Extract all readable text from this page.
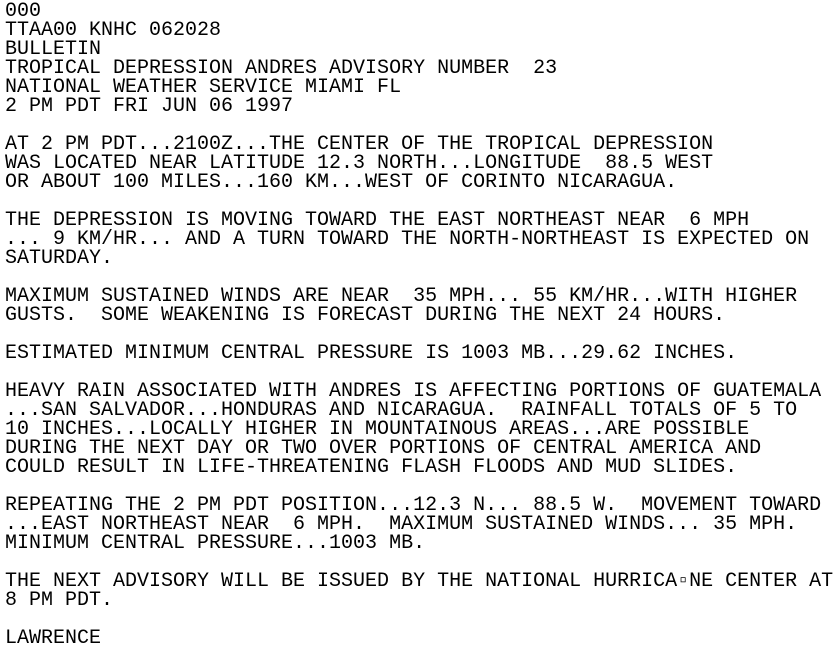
000
TTAA00 KNHC 062028
BULLETIN
TROPICAL DEPRESSION ANDRES ADVISORY NUMBER  23
NATIONAL WEATHER SERVICE MIAMI FL
2 PM PDT FRI JUN 06 1997
AT 2 PM PDT...2100Z...THE CENTER OF THE TROPICAL DEPRESSION
WAS LOCATED NEAR LATITUDE 12.3 NORTH...LONGITUDE  88.5 WEST
OR ABOUT 100 MILES...160 KM...WEST OF CORINTO NICARAGUA.
THE DEPRESSION IS MOVING TOWARD THE EAST NORTHEAST NEAR  6 MPH
... 9 KM/HR... AND A TURN TOWARD THE NORTH-NORTHEAST IS EXPECTED ON
SATURDAY.
MAXIMUM SUSTAINED WINDS ARE NEAR  35 MPH... 55 KM/HR...WITH HIGHER
GUSTS.  SOME WEAKENING IS FORECAST DURING THE NEXT 24 HOURS.
ESTIMATED MINIMUM CENTRAL PRESSURE IS 1003 MB...29.62 INCHES.
HEAVY RAIN ASSOCIATED WITH ANDRES IS AFFECTING PORTIONS OF GUATEMALA
...SAN SALVADOR...HONDURAS AND NICARAGUA.  RAINFALL TOTALS OF 5 TO
10 INCHES...LOCALLY HIGHER IN MOUNTAINOUS AREAS...ARE POSSIBLE
DURING THE NEXT DAY OR TWO OVER PORTIONS OF CENTRAL AMERICA AND
COULD RESULT IN LIFE-THREATENING FLASH FLOODS AND MUD SLIDES.
REPEATING THE 2 PM PDT POSITION...12.3 N... 88.5 W.  MOVEMENT TOWARD
...EAST NORTHEAST NEAR  6 MPH.  MAXIMUM SUSTAINED WINDS... 35 MPH.
MINIMUM CENTRAL PRESSURE...1003 MB.
THE NEXT ADVISORY WILL BE ISSUED BY THE NATIONAL HURRICA▫NE CENTER AT
8 PM PDT.
LAWRENCE
